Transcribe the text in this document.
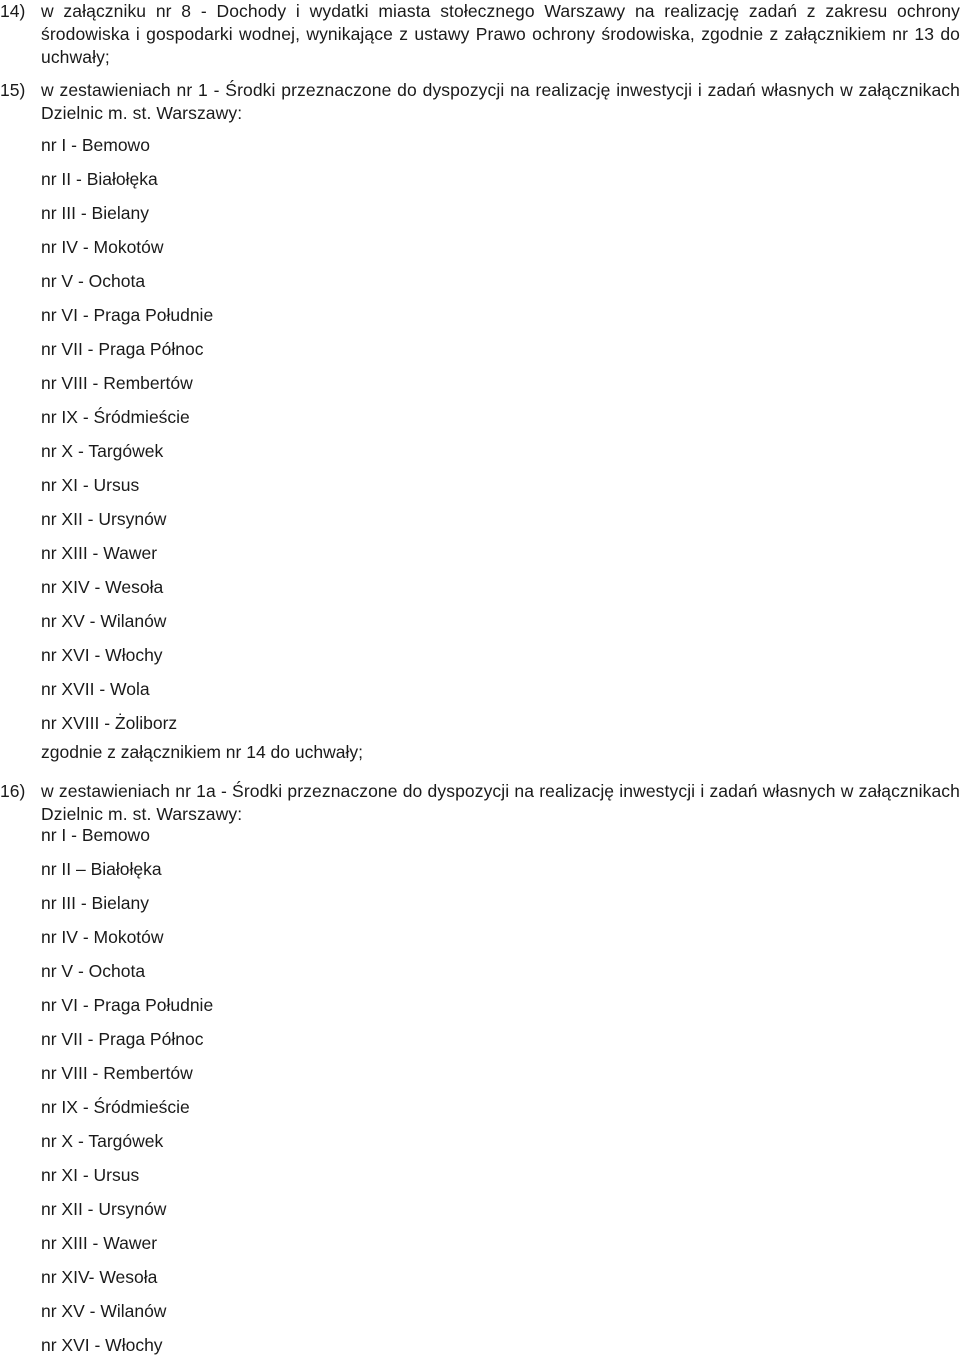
14) w załączniku nr 8 - Dochody i wydatki miasta stołecznego Warszawy na realizację zadań z zakresu ochrony środowiska i gospodarki wodnej, wynikające z ustawy Prawo ochrony środowiska, zgodnie z załącznikiem nr 13 do uchwały;
15) w zestawieniach nr 1 - Środki przeznaczone do dyspozycji na realizację inwestycji i zadań własnych w załącznikach Dzielnic m. st. Warszawy:
nr I - Bemowo
nr II - Białołęka
nr III - Bielany
nr IV - Mokotów
nr V - Ochota
nr VI - Praga Południe
nr VII - Praga Północ
nr VIII - Rembertów
nr IX - Śródmieście
nr X - Targówek
nr XI - Ursus
nr XII - Ursynów
nr XIII - Wawer
nr XIV - Wesoła
nr XV - Wilanów
nr XVI - Włochy
nr XVII - Wola
nr XVIII - Żoliborz
zgodnie z załącznikiem nr 14 do uchwały;
16) w zestawieniach nr 1a - Środki przeznaczone do dyspozycji na realizację inwestycji i zadań własnych w załącznikach Dzielnic m. st. Warszawy:
nr I - Bemowo
nr II – Białołęka
nr III - Bielany
nr IV - Mokotów
nr V - Ochota
nr VI - Praga Południe
nr VII - Praga Północ
nr VIII - Rembertów
nr IX - Śródmieście
nr X - Targówek
nr XI - Ursus
nr XII - Ursynów
nr XIII - Wawer
nr XIV- Wesoła
nr XV - Wilanów
nr XVI - Włochy
